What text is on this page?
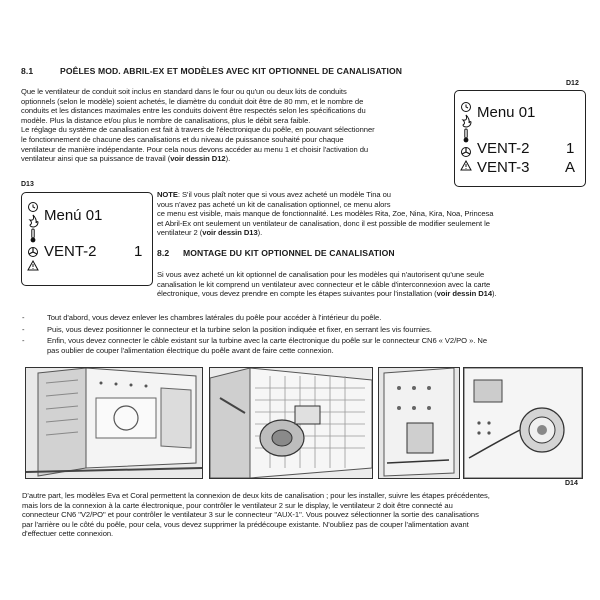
8.1	POÊLES MOD. ABRIL-EX ET MODÈLES AVEC KIT OPTIONNEL DE CANALISATION
Que le ventilateur de conduit soit inclus en standard dans le four ou qu'un ou deux kits de conduits
optionnels (selon le modèle) soient achetés, le diamètre du conduit doit être de 80 mm, et le nombre de
conduits et les distances maximales entre les conduits doivent être respectés selon les spécifications du
modèle. Plus la distance et/ou plus le nombre de canalisations, plus le débit sera faible.
Le réglage du système de canalisation est fait à travers de l'électronique du poêle, en pouvant sélectionner
le fonctionnement de chacune des canalisations et du niveau de puissance souhaité pour chaque
ventilateur de manière indépendante. Pour cela nous devons accéder au menu 1 et choisir l'activation du
ventilateur ainsi que sa puissance de travail (voir dessin D12).
D12
Menu 01
VENT-2 1
VENT-3 A
D13
Menú 01
VENT-2 1
NOTE: S'il vous plaît noter que si vous avez acheté un modèle Tina ou
vous n'avez pas acheté un kit de canalisation optionnel, ce menu alors
ce menu est visible, mais manque de fonctionnalité. Les modèles Rita, Zoe, Nina, Kira, Noa, Princesa
et Abril-Ex ont seulement un ventilateur de canalisation, donc il est possible de modifier seulement le
ventilateur 2 (voir dessin D13).
8.2 MONTAGE DU KIT OPTIONNEL DE CANALISATION
Si vous avez acheté un kit optionnel de canalisation pour les modèles qui n'autorisent qu'une seule
canalisation le kit comprend un ventilateur avec connecteur et le câble d'interconnexion avec la carte
électronique, vous devez prendre en compte les étapes suivantes pour l'installation (voir dessin D14).
-	Tout d'abord, vous devez enlever les chambres latérales du poêle pour accéder à l'intérieur du poêle.
-	Puis, vous devez positionner le connecteur et la turbine selon la position indiquée et fixer, en serrant les vis fournies.
-	Enfin, vous devez connecter le câble existant sur la turbine avec la carte électronique du poêle sur le connecteur CN6 « V2/PO ». Ne
pas oublier de couper l'alimentation électrique du poêle avant de faire cette connexion.
D14
D'autre part, les modèles Eva et Coral permettent la connexion de deux kits de canalisation ; pour les installer, suivre les étapes précédentes,
mais lors de la connexion à la carte électronique, pour contrôler le ventilateur 2 sur le display, le ventilateur 2 doit être connecté au
connecteur CN6 "V2/PO" et pour contrôler le ventilateur 3 sur le connecteur "AUX-1". Vous pouvez sélectionner la sortie des canalisations
par l'arrière ou le côté du poêle, pour cela, vous devez supprimer la prédécoupe existante. N'oubliez pas de couper l'alimentation avant
d'effectuer cette connexion.
